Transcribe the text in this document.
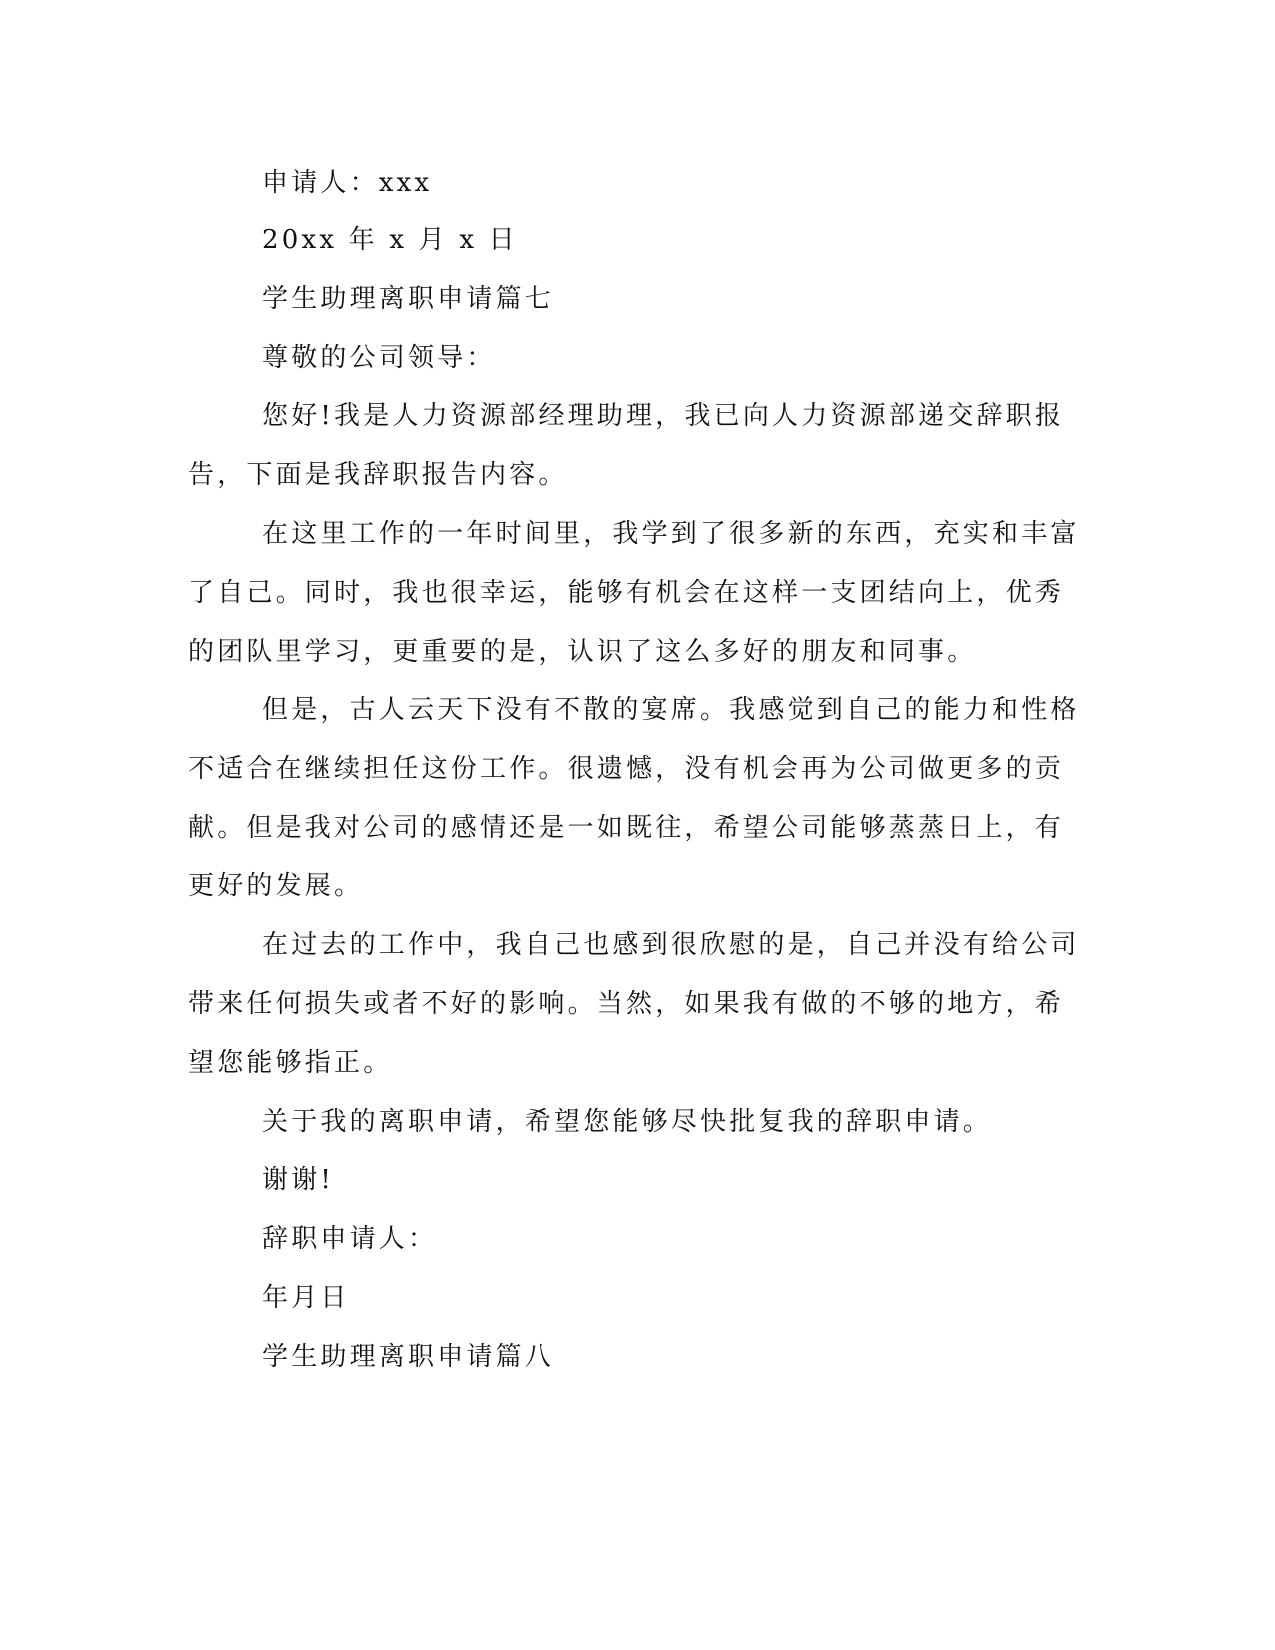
申请人：xxx
20xx 年 x 月 x 日
学生助理离职申请篇七
尊敬的公司领导：
您好!我是人力资源部经理助理，我已向人力资源部递交辞职报
告，下面是我辞职报告内容。
在这里工作的一年时间里，我学到了很多新的东西，充实和丰富
了自己。同时，我也很幸运，能够有机会在这样一支团结向上，优秀
的团队里学习，更重要的是，认识了这么多好的朋友和同事。
但是，古人云天下没有不散的宴席。我感觉到自己的能力和性格
不适合在继续担任这份工作。很遗憾，没有机会再为公司做更多的贡
献。但是我对公司的感情还是一如既往，希望公司能够蒸蒸日上，有
更好的发展。
在过去的工作中，我自己也感到很欣慰的是，自己并没有给公司
带来任何损失或者不好的影响。当然，如果我有做的不够的地方，希
望您能够指正。
关于我的离职申请，希望您能够尽快批复我的辞职申请。
谢谢!
辞职申请人：
年月日
学生助理离职申请篇八
